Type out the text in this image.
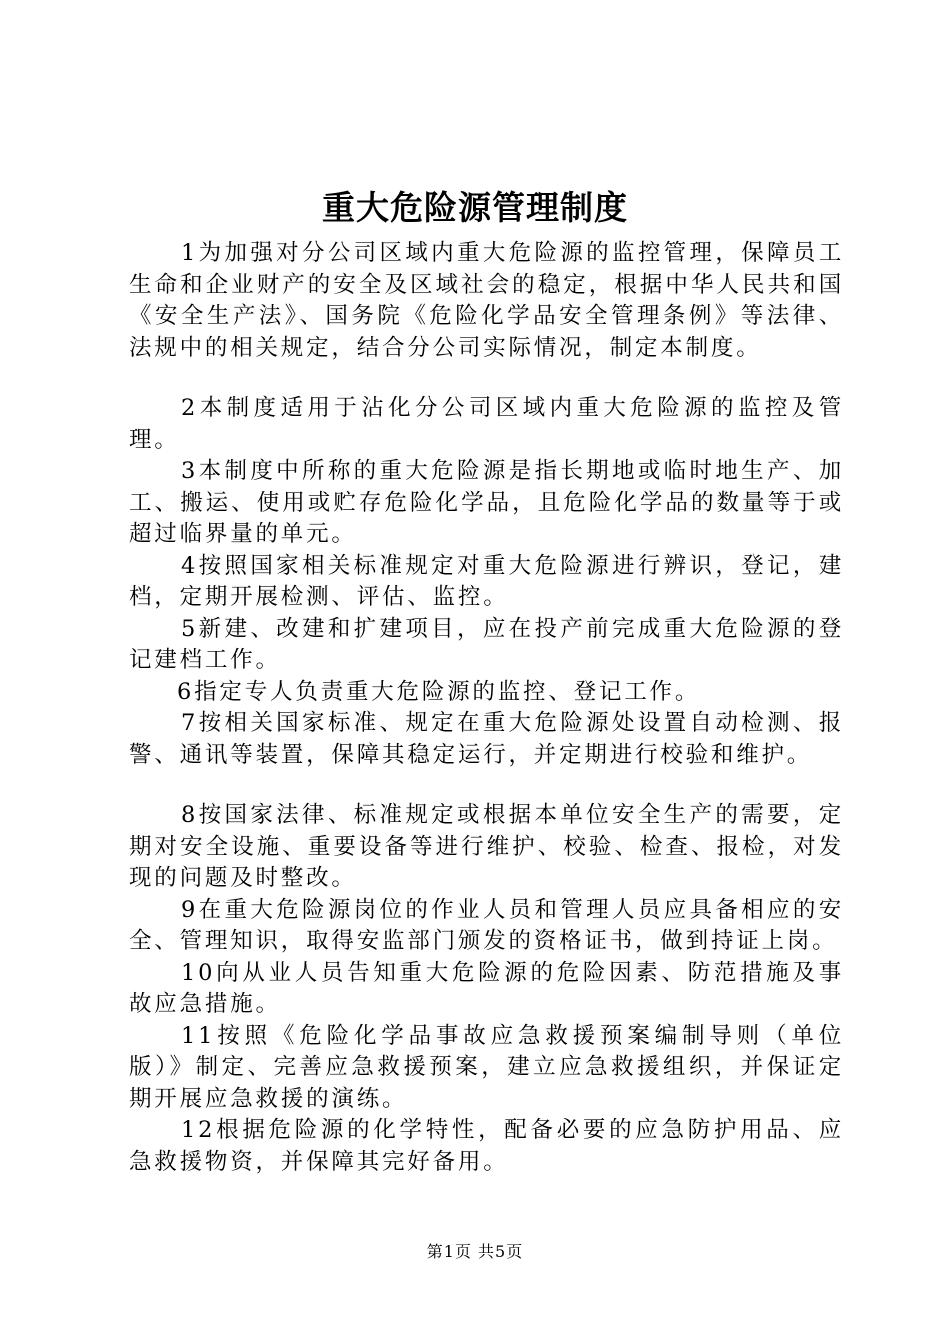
重大危险源管理制度

1为加强对分公司区域内重大危险源的监控管理，保障员工生命和企业财产的安全及区域社会的稳定，根据中华人民共和国《安全生产法》、国务院《危险化学品安全管理条例》等法律、法规中的相关规定，结合分公司实际情况，制定本制度。

2本制度适用于沾化分公司区域内重大危险源的监控及管理。

3本制度中所称的重大危险源是指长期地或临时地生产、加工、搬运、使用或贮存危险化学品，且危险化学品的数量等于或超过临界量的单元。

4按照国家相关标准规定对重大危险源进行辨识，登记，建档，定期开展检测、评估、监控。

5新建、改建和扩建项目，应在投产前完成重大危险源的登记建档工作。

6指定专人负责重大危险源的监控、登记工作。

7按相关国家标准、规定在重大危险源处设置自动检测、报警、通讯等装置，保障其稳定运行，并定期进行校验和维护。

8按国家法律、标准规定或根据本单位安全生产的需要，定期对安全设施、重要设备等进行维护、校验、检查、报检，对发现的问题及时整改。

9在重大危险源岗位的作业人员和管理人员应具备相应的安全、管理知识，取得安监部门颁发的资格证书，做到持证上岗。

10向从业人员告知重大危险源的危险因素、防范措施及事故应急措施。

11按照《危险化学品事故应急救援预案编制导则（单位版）》制定、完善应急救援预案，建立应急救援组织，并保证定期开展应急救援的演练。

12根据危险源的化学特性，配备必要的应急防护用品、应急救援物资，并保障其完好备用。

第1页 共5页
